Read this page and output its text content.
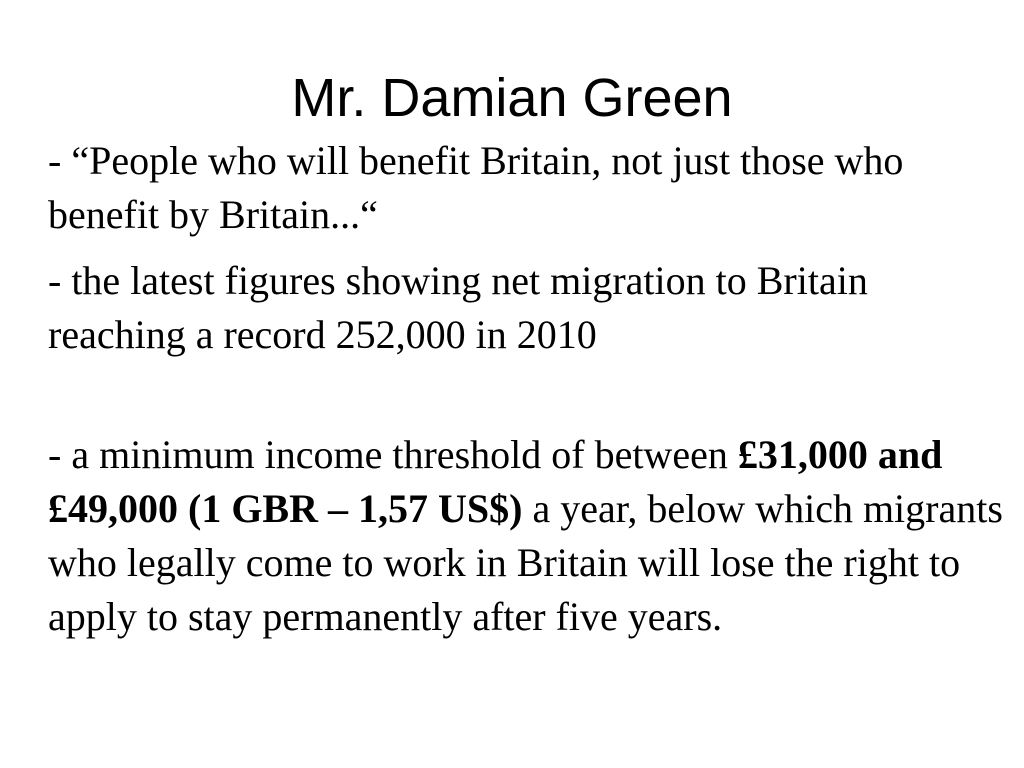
Mr. Damian Green

- “People who will benefit Britain, not just those who benefit by Britain...“

- the latest figures showing net migration to Britain reaching a record 252,000 in 2010

- a minimum income threshold of between £31,000 and £49,000 (1 GBR – 1,57 US$) a year, below which migrants who legally come to work in Britain will lose the right to apply to stay permanently after five years.
